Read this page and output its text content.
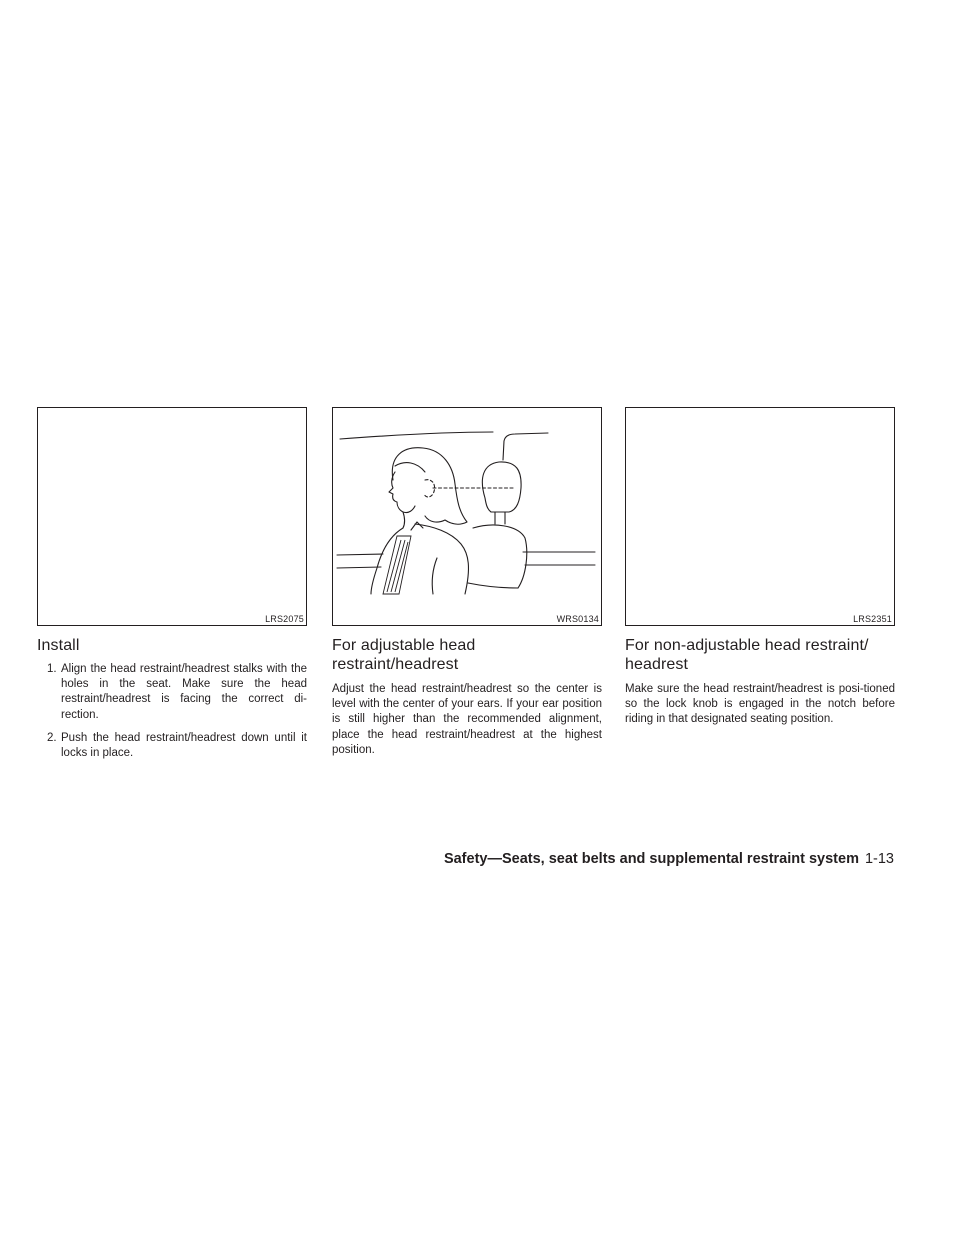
LRS2075
Install
1. Align the head restraint/headrest stalks with the holes in the seat. Make sure the head restraint/headrest is facing the correct di-rection.
2. Push the head restraint/headrest down until it locks in place.
WRS0134
For adjustable head restraint/headrest

Adjust the head restraint/headrest so the center is level with the center of your ears. If your ear position is still higher than the recommended alignment, place the head restraint/headrest at the highest position.

LRS2351
For non-adjustable head restraint/ headrest

Make sure the head restraint/headrest is posi-tioned so the lock knob is engaged in the notch before riding in that designated seating position.

Safety—Seats, seat belts and supplemental restraint system 1-13
